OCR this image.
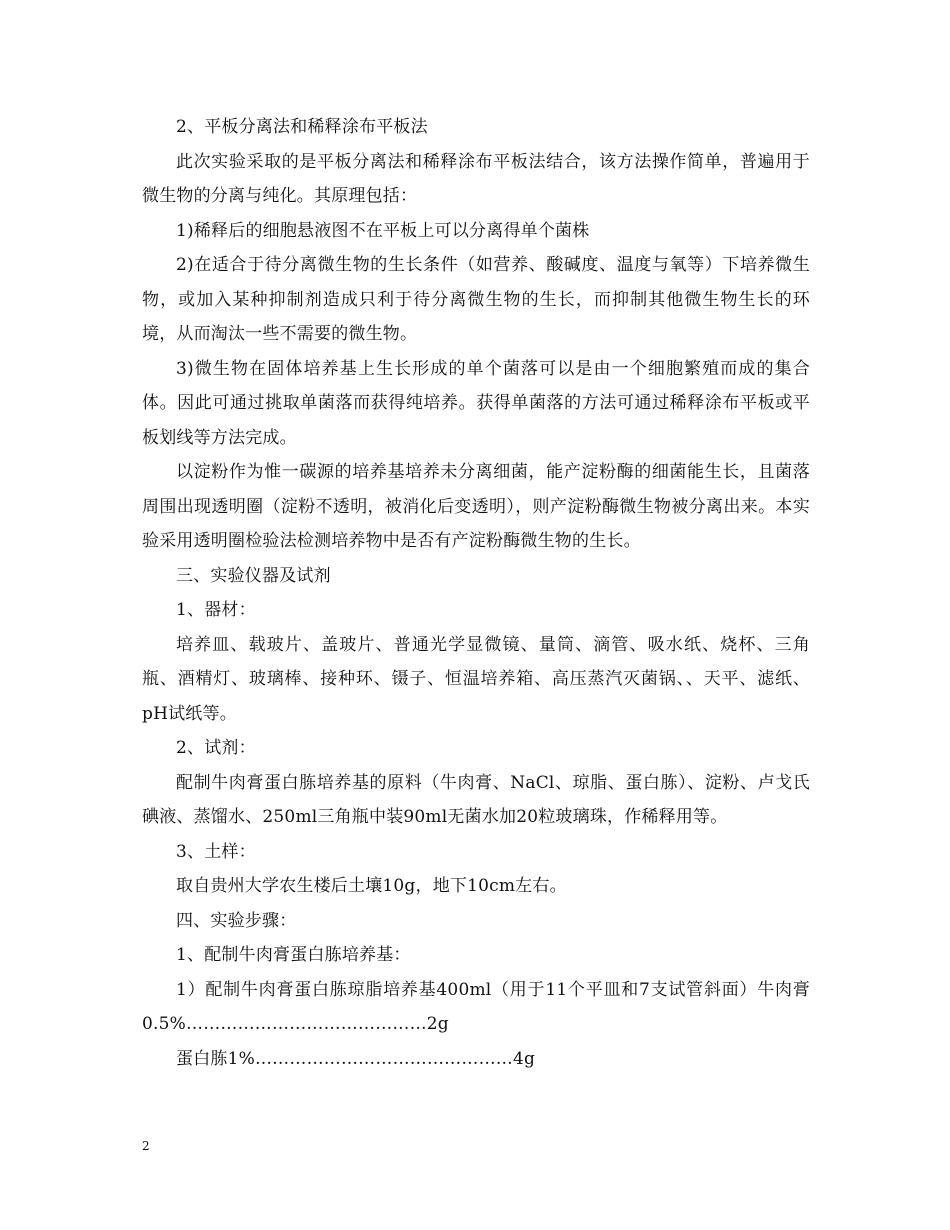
2、平板分离法和稀释涂布平板法

此次实验采取的是平板分离法和稀释涂布平板法结合，该方法操作简单，普遍用于微生物的分离与纯化。其原理包括：

1)稀释后的细胞悬液图不在平板上可以分离得单个菌株

2)在适合于待分离微生物的生长条件（如营养、酸碱度、温度与氧等）下培养微生物，或加入某种抑制剂造成只利于待分离微生物的生长，而抑制其他微生物生长的环境，从而淘汰一些不需要的微生物。

3)微生物在固体培养基上生长形成的单个菌落可以是由一个细胞繁殖而成的集合体。因此可通过挑取单菌落而获得纯培养。获得单菌落的方法可通过稀释涂布平板或平板划线等方法完成。

以淀粉作为惟一碳源的培养基培养未分离细菌，能产淀粉酶的细菌能生长，且菌落周围出现透明圈（淀粉不透明，被消化后变透明），则产淀粉酶微生物被分离出来。本实验采用透明圈检验法检测培养物中是否有产淀粉酶微生物的生长。

三、实验仪器及试剂

1、器材：

培养皿、载玻片、盖玻片、普通光学显微镜、量筒、滴管、吸水纸、烧杯、三角瓶、酒精灯、玻璃棒、接种环、镊子、恒温培养箱、高压蒸汽灭菌锅、、天平、滤纸、pH试纸等。

2、试剂：

配制牛肉膏蛋白胨培养基的原料（牛肉膏、NaCl、琼脂、蛋白胨）、淀粉、卢戈氏碘液、蒸馏水、250ml三角瓶中装90ml无菌水加20粒玻璃珠，作稀释用等。

3、土样：

取自贵州大学农生楼后土壤10g，地下10cm左右。

四、实验步骤：

1、配制牛肉膏蛋白胨培养基：

1）配制牛肉膏蛋白胨琼脂培养基400ml（用于11个平皿和7支试管斜面）牛肉膏0.5%……………………………………2g

蛋白胨1%………………………………………4g

2
